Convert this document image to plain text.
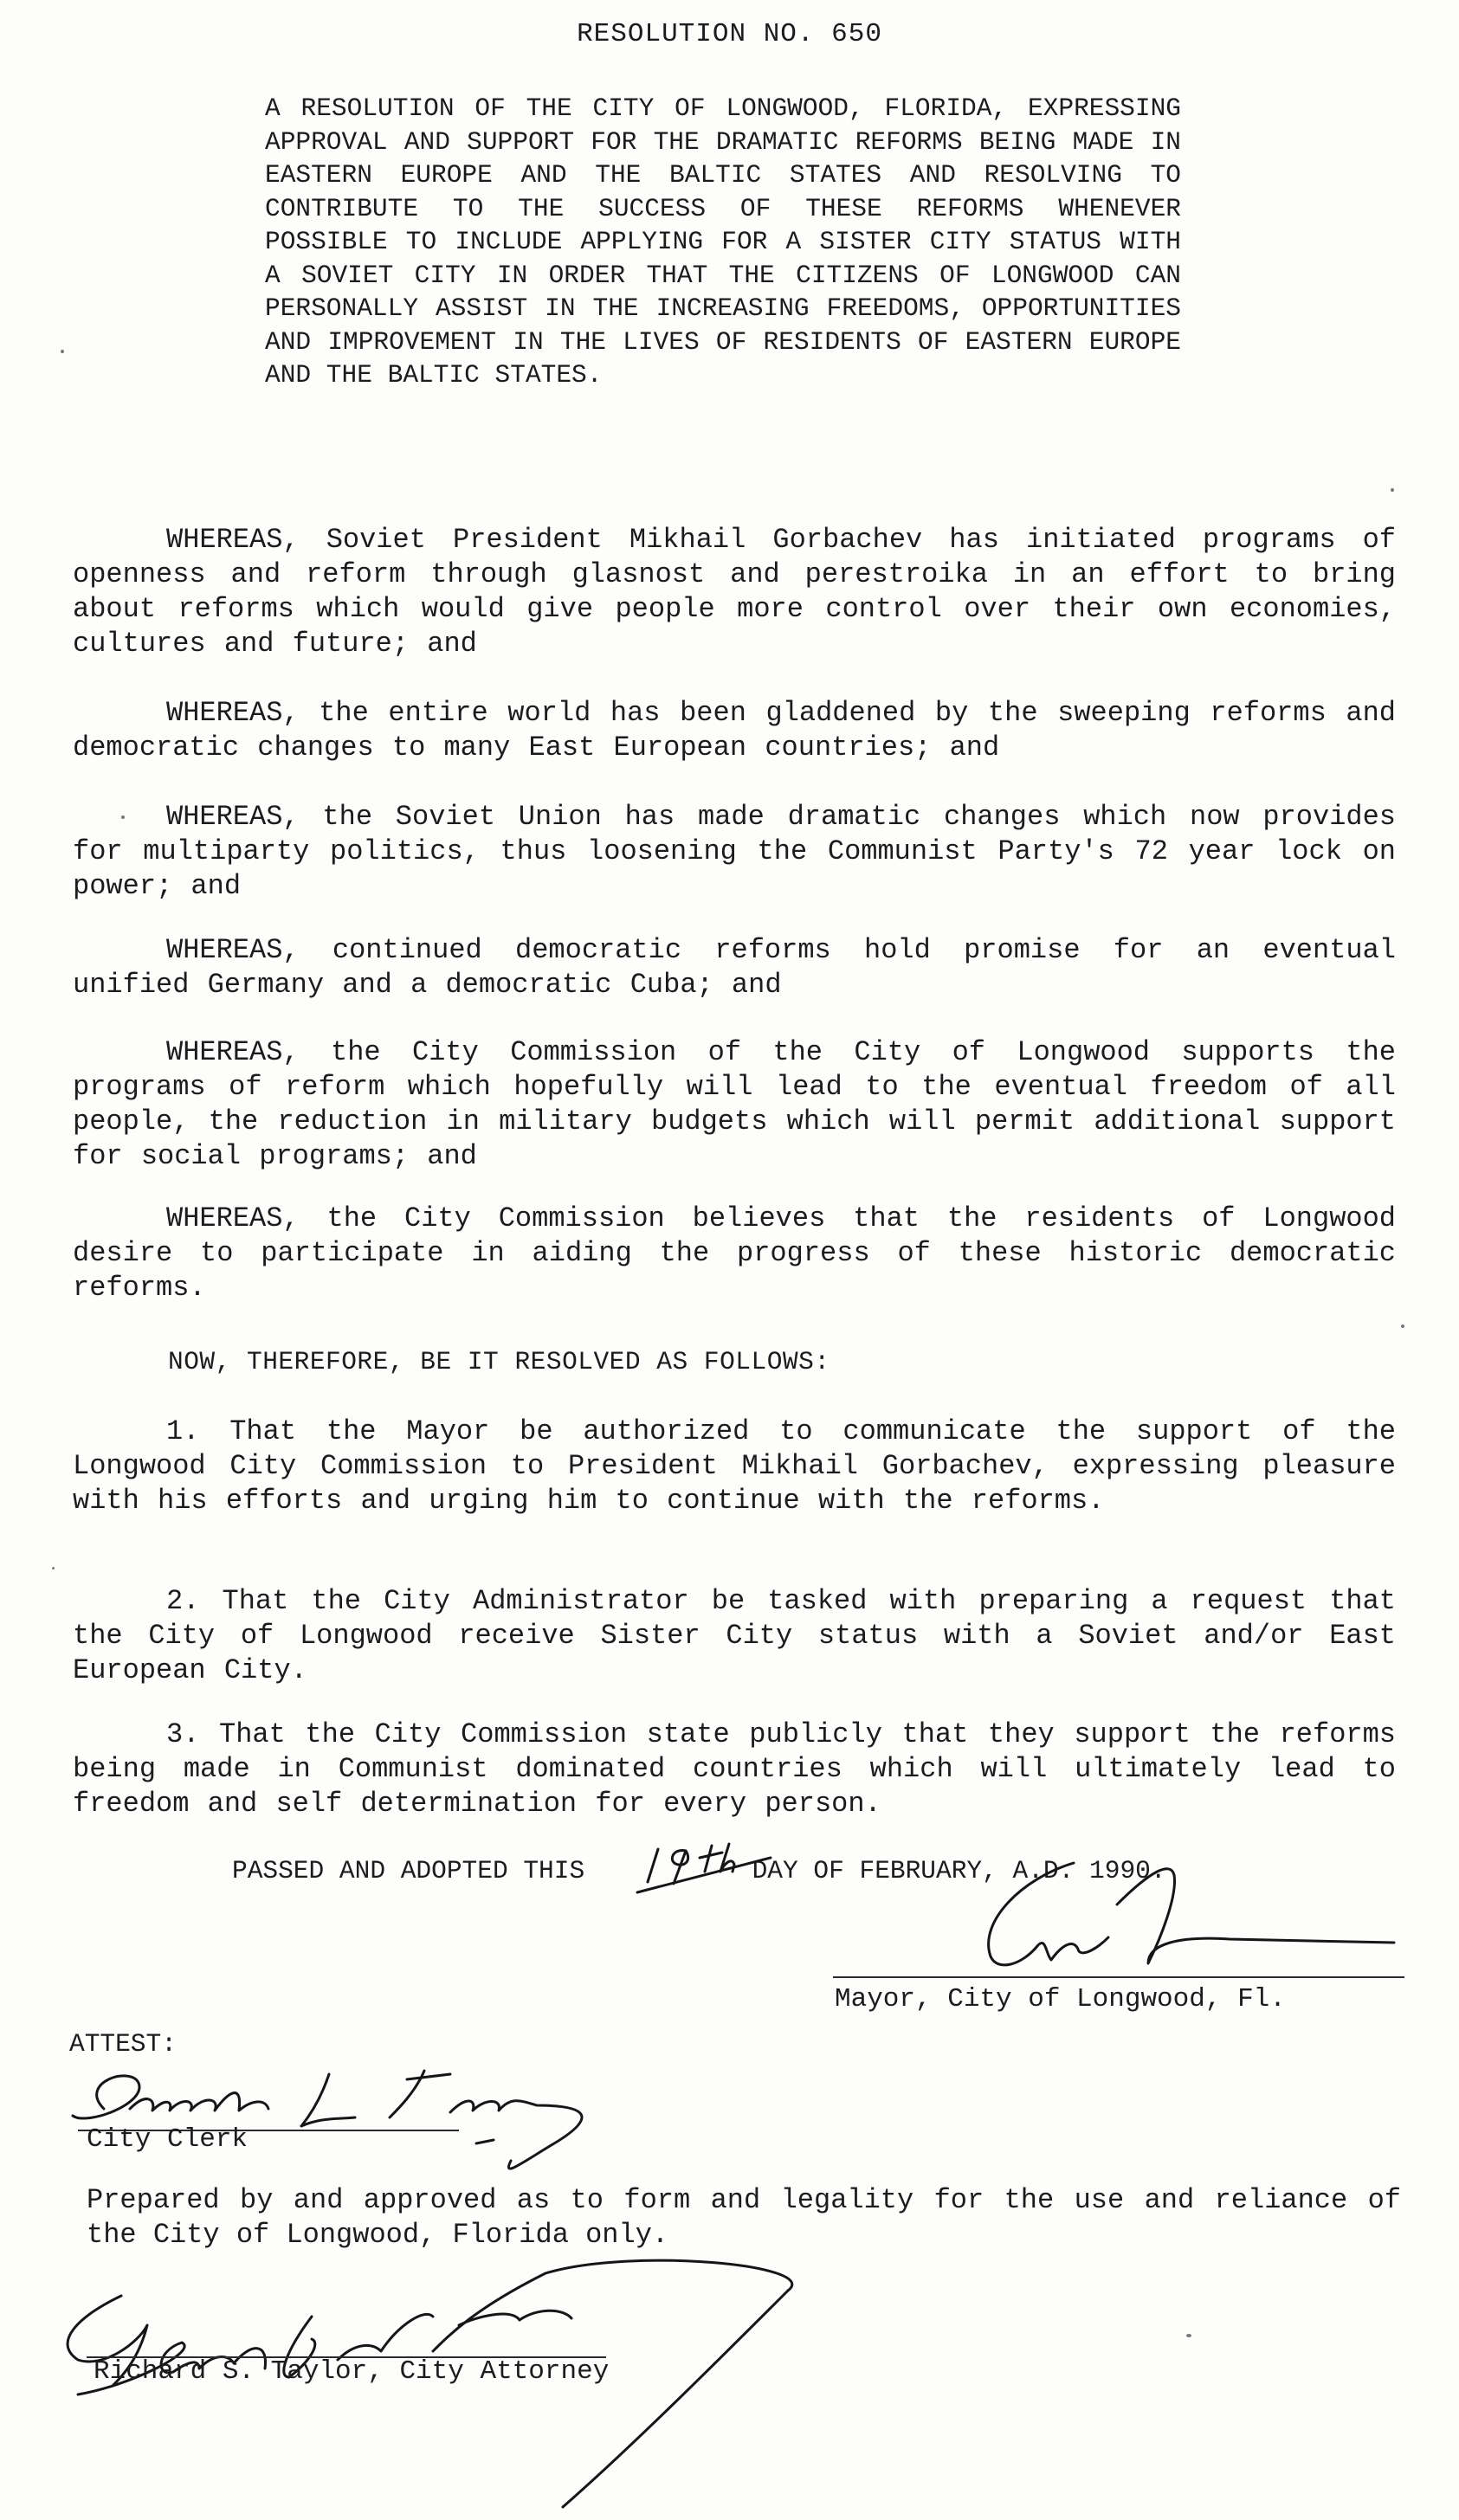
RESOLUTION NO. 650
A RESOLUTION OF THE CITY OF LONGWOOD, FLORIDA, EXPRESSING APPROVAL AND SUPPORT FOR THE DRAMATIC REFORMS BEING MADE IN EASTERN EUROPE AND THE BALTIC STATES AND RESOLVING TO CONTRIBUTE TO THE SUCCESS OF THESE REFORMS WHENEVER POSSIBLE TO INCLUDE APPLYING FOR A SISTER CITY STATUS WITH A SOVIET CITY IN ORDER THAT THE CITIZENS OF LONGWOOD CAN PERSONALLY ASSIST IN THE INCREASING FREEDOMS, OPPORTUNITIES AND IMPROVEMENT IN THE LIVES OF RESIDENTS OF EASTERN EUROPE AND THE BALTIC STATES.
WHEREAS, Soviet President Mikhail Gorbachev has initiated programs of openness and reform through glasnost and perestroika in an effort to bring about reforms which would give people more control over their own economies, cultures and future; and
WHEREAS, the entire world has been gladdened by the sweeping reforms and democratic changes to many East European countries; and
WHEREAS, the Soviet Union has made dramatic changes which now provides for multiparty politics, thus loosening the Communist Party's 72 year lock on power; and
WHEREAS, continued democratic reforms hold promise for an eventual unified Germany and a democratic Cuba; and
WHEREAS, the City Commission of the City of Longwood supports the programs of reform which hopefully will lead to the eventual freedom of all people, the reduction in military budgets which will permit additional support for social programs; and
WHEREAS, the City Commission believes that the residents of Longwood desire to participate in aiding the progress of these historic democratic reforms.
NOW, THEREFORE, BE IT RESOLVED AS FOLLOWS:
1. That the Mayor be authorized to communicate the support of the Longwood City Commission to President Mikhail Gorbachev, expressing pleasure with his efforts and urging him to continue with the reforms.
2. That the City Administrator be tasked with preparing a request that the City of Longwood receive Sister City status with a Soviet and/or East European City.
3. That the City Commission state publicly that they support the reforms being made in Communist dominated countries which will ultimately lead to freedom and self determination for every person.
PASSED AND ADOPTED THIS	DAY OF FEBRUARY, A.D. 1990.
Mayor, City of Longwood, Fl.
ATTEST:
City Clerk
Prepared by and approved as to form and legality for the use and reliance of the City of Longwood, Florida only.
Richard S. Taylor, City Attorney
